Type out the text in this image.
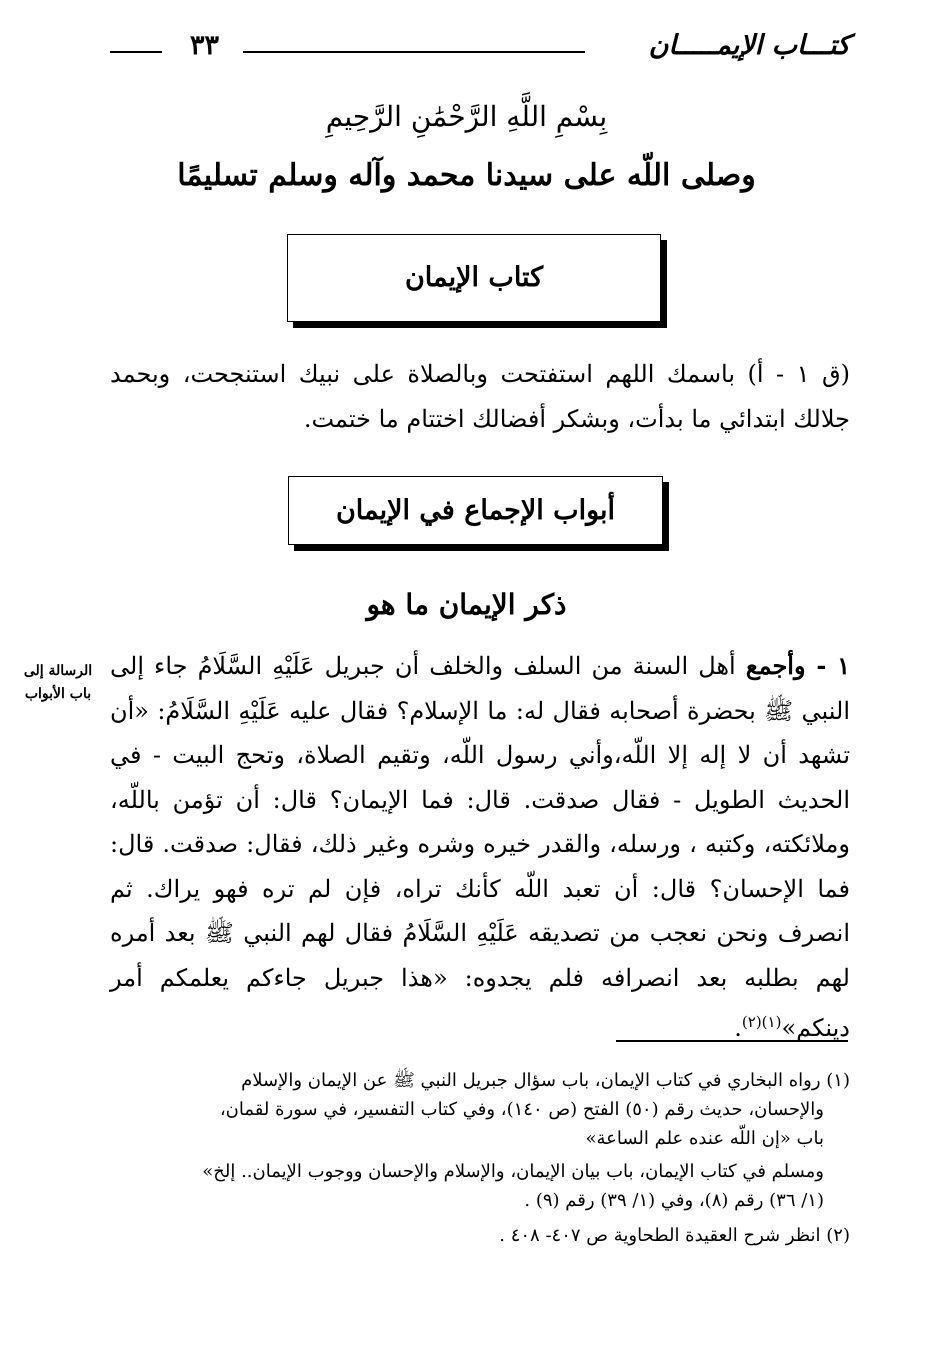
كتـــاب الإيمـــــان
٣٣
بِسْمِ اللَّهِ الرَّحْمَٰنِ الرَّحِيمِ
وصلى اللّه على سيدنا محمد وآله وسلم تسليمًا
كتاب الإيمان

(ق ١ - أ) باسمك اللهم استفتحت وبالصلاة على نبيك استنجحت، وبحمد جلالك ابتدائي ما بدأت، وبشكر أفضالك اختتام ما ختمت.

أبواب الإجماع في الإيمان
ذكر الإيمان ما هو
الرسالة إلى باب الأبواب

١ - وأجمع أهل السنة من السلف والخلف أن جبريل عَلَيْهِ السَّلَامُ جاء إلى النبي ﷺ بحضرة أصحابه فقال له: ما الإسلام؟ فقال عليه عَلَيْهِ السَّلَامُ: «أن تشهد أن لا إله إلا اللّه،وأني رسول اللّه، وتقيم الصلاة، وتحج البيت - في الحديث الطويل - فقال صدقت. قال: فما الإيمان؟ قال: أن تؤمن باللّه، وملائكته، وكتبه ، ورسله، والقدر خيره وشره وغير ذلك، فقال: صدقت. قال: فما الإحسان؟ قال: أن تعبد اللّه كأنك تراه، فإن لم تره فهو يراك. ثم انصرف ونحن نعجب من تصديقه عَلَيْهِ السَّلَامُ فقال لهم النبي ﷺ بعد أمره لهم بطلبه بعد انصرافه فلم يجدوه: «هذا جبريل جاءكم يعلمكم أمر دينكم»$^{(١)(٢)}$.

(١) رواه البخاري في كتاب الإيمان، باب سؤال جبريل النبي ﷺ عن الإيمان والإسلام

والإحسان، حديث رقم (٥٠) الفتح (ص ١٤٠)، وفي كتاب التفسير، في سورة لقمان،

باب «إن اللّه عنده علم الساعة»

ومسلم في كتاب الإيمان، باب بيان الإيمان، والإسلام والإحسان ووجوب الإيمان.. إلخ»

(١/ ٣٦) رقم (٨)، وفي (١/ ٣٩) رقم (٩) .

(٢) انظر شرح العقيدة الطحاوية ص ٤٠٧- ٤٠٨ .
